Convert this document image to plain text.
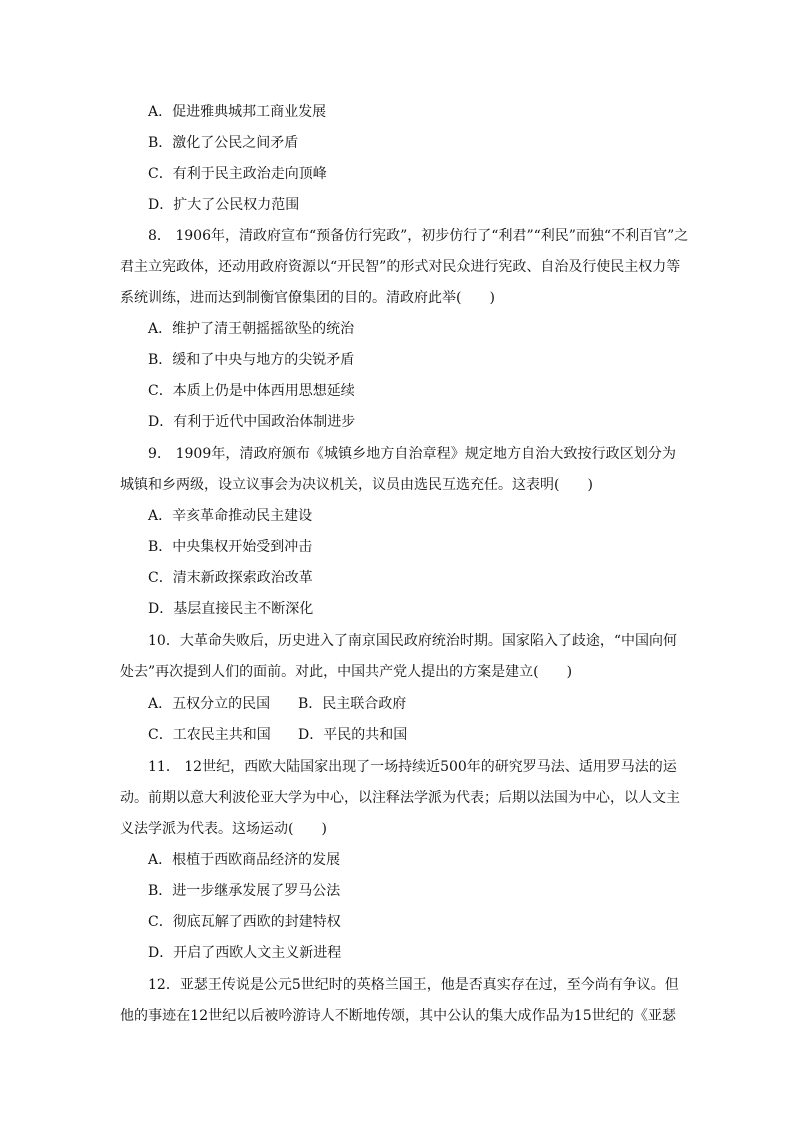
A．促进雅典城邦工商业发展
B．激化了公民之间矛盾
C．有利于民主政治走向顶峰
D．扩大了公民权力范围
8． 1906年，清政府宣布“预备仿行宪政”，初步仿行了“利君”“利民”而独“不利百官”之
君主立宪政体，还动用政府资源以“开民智”的形式对民众进行宪政、自治及行使民主权力等
系统训练，进而达到制衡官僚集团的目的。清政府此举(　　)
A．维护了清王朝摇摇欲坠的统治
B．缓和了中央与地方的尖锐矛盾
C．本质上仍是中体西用思想延续
D．有利于近代中国政治体制进步
9． 1909年，清政府颁布《城镇乡地方自治章程》规定地方自治大致按行政区划分为
城镇和乡两级，设立议事会为决议机关，议员由选民互选充任。这表明(　　)
A．辛亥革命推动民主建设
B．中央集权开始受到冲击
C．清末新政探索政治改革
D．基层直接民主不断深化
10．大革命失败后，历史进入了南京国民政府统治时期。国家陷入了歧途，“中国向何
处去”再次提到人们的面前。对此，中国共产党人提出的方案是建立(　　)
A．五权分立的民国 B．民主联合政府
C．工农民主共和国 D．平民的共和国
11． 12世纪，西欧大陆国家出现了一场持续近500年的研究罗马法、适用罗马法的运
动。前期以意大利波伦亚大学为中心，以注释法学派为代表；后期以法国为中心，以人文主
义法学派为代表。这场运动(　　)
A．根植于西欧商品经济的发展
B．进一步继承发展了罗马公法
C．彻底瓦解了西欧的封建特权
D．开启了西欧人文主义新进程
12．亚瑟王传说是公元5世纪时的英格兰国王，他是否真实存在过，至今尚有争议。但
他的事迹在12世纪以后被吟游诗人不断地传颂，其中公认的集大成作品为15世纪的《亚瑟
